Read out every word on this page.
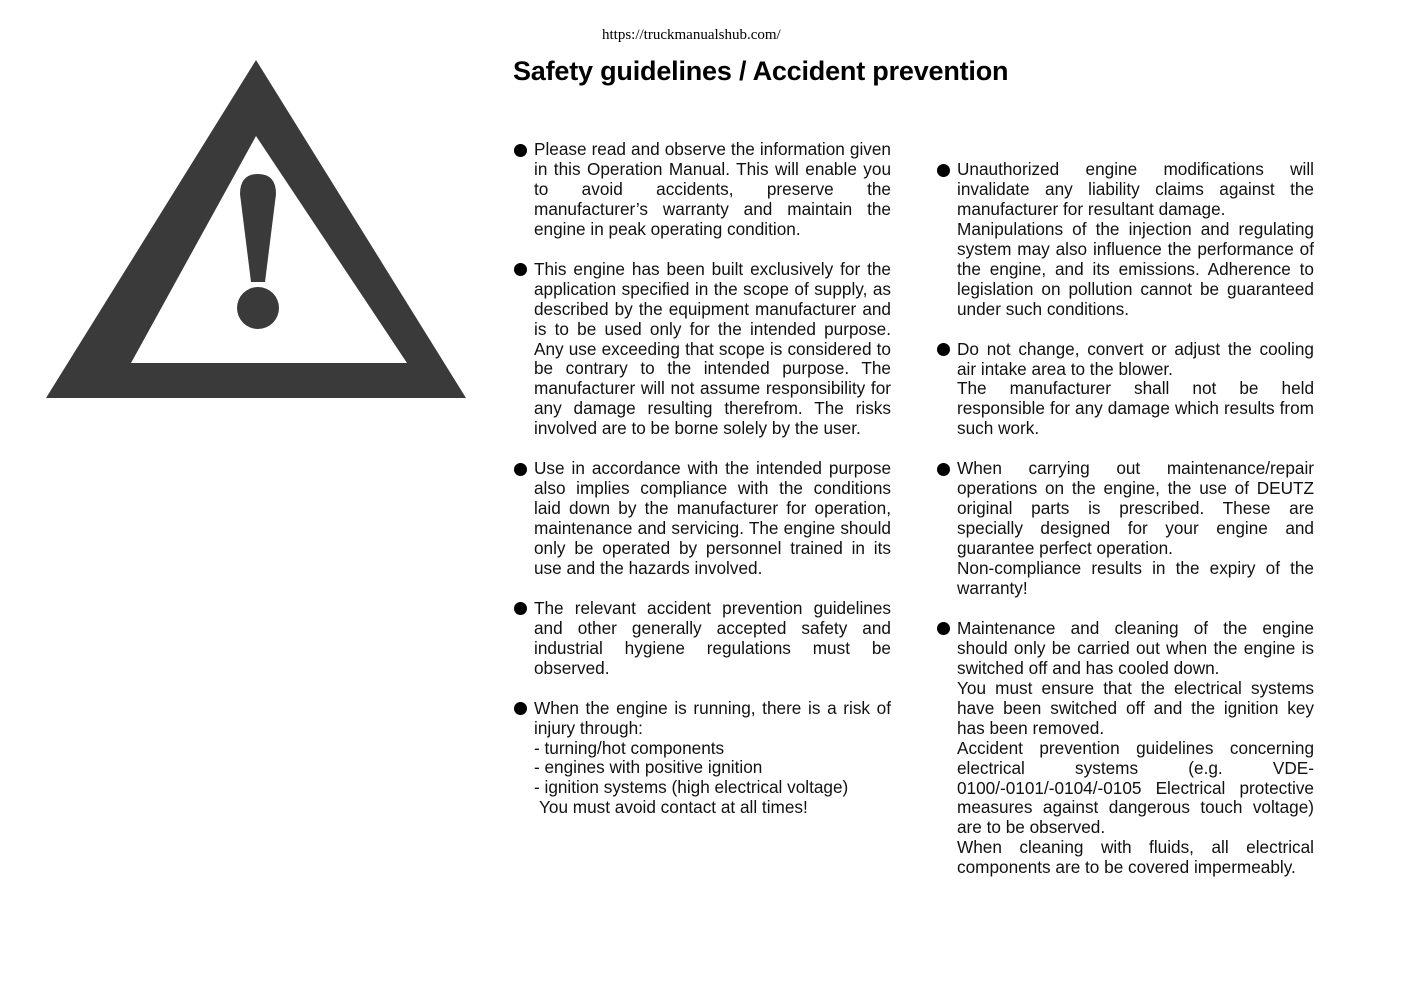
https://truckmanualshub.com/
Safety guidelines / Accident prevention

Please read and observe the information given in this Operation Manual. This will enable you to avoid accidents, preserve the manufacturer’s warranty and maintain the engine in peak operating condition.

This engine has been built exclusively for the application specified in the scope of supply, as described by the equipment manufacturer and is to be used only for the intended purpose. Any use exceeding that scope is considered to be contrary to the intended purpose. The manufacturer will not assume responsibility for any damage resulting therefrom. The risks involved are to be borne solely by the user.

Use in accordance with the intended purpose also implies compliance with the conditions laid down by the manufacturer for operation, maintenance and servicing. The engine should only be operated by personnel trained in its use and the hazards involved.

The relevant accident prevention guidelines and other generally accepted safety and industrial hygiene regulations must be observed.

When the engine is running, there is a risk of injury through:

- turning/hot components
- engines with positive ignition
- ignition systems (high electrical voltage)

You must avoid contact at all times!

Unauthorized engine modifications will invalidate any liability claims against the manufacturer for resultant damage.

Manipulations of the injection and regulating system may also influence the performance of the engine, and its emissions. Adherence to legislation on pollution cannot be guaranteed under such conditions.

Do not change, convert or adjust the cooling air intake area to the blower.

The manufacturer shall not be held responsible for any damage which results from such work.

When carrying out maintenance/repair operations on the engine, the use of DEUTZ original parts is prescribed. These are specially designed for your engine and guarantee perfect operation.

Non-compliance results in the expiry of the warranty!

Maintenance and cleaning of the engine should only be carried out when the engine is switched off and has cooled down.

You must ensure that the electrical systems have been switched off and the ignition key has been removed.

Accident prevention guidelines concerning electrical systems (e.g. VDE-0100/-0101/-0104/-0105 Electrical protective measures against dangerous touch voltage) are to be observed.

When cleaning with fluids, all electrical components are to be covered impermeably.
